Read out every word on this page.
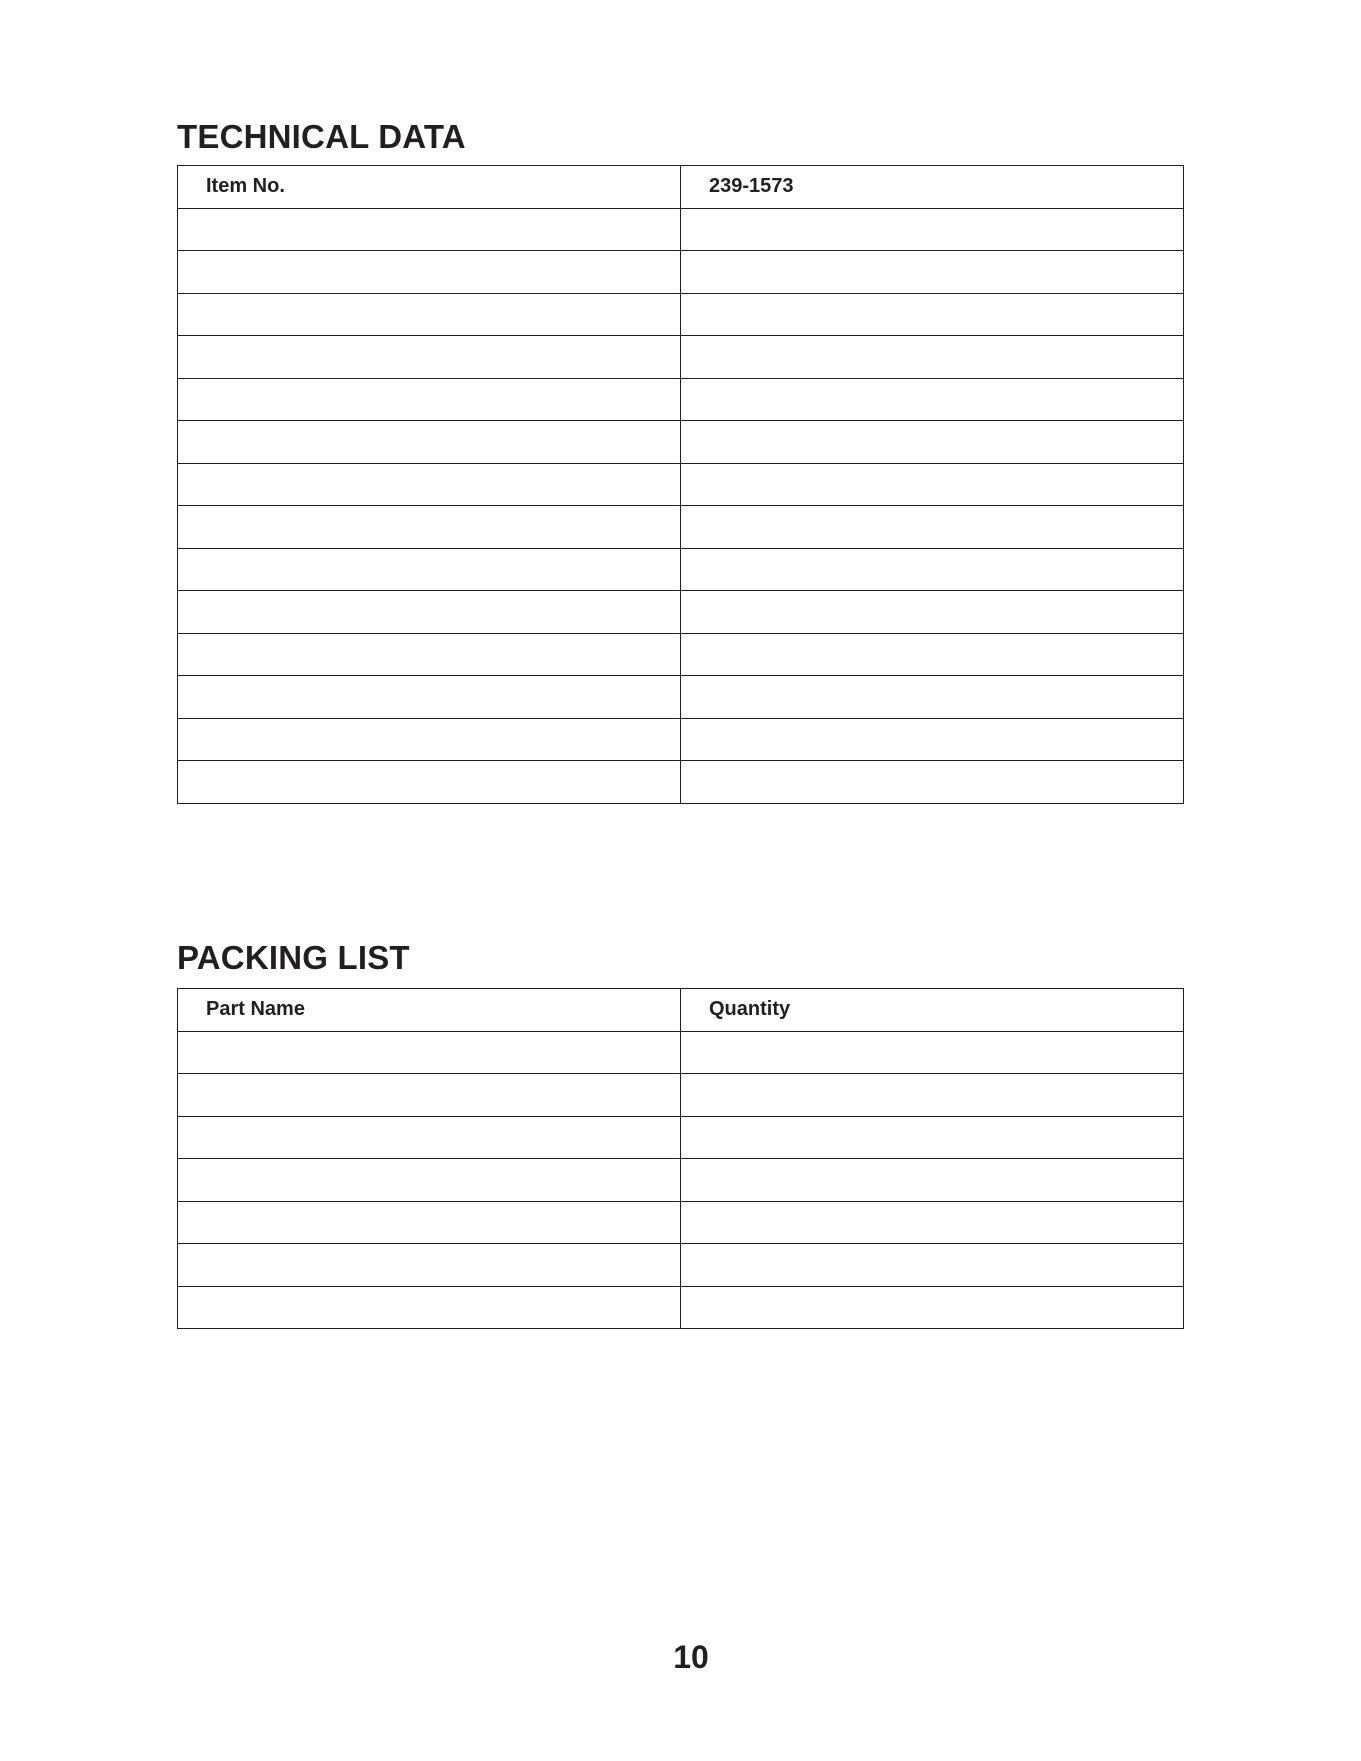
TECHNICAL DATA
Item No.	239-1573

PACKING LIST
Part Name	Quantity

10
